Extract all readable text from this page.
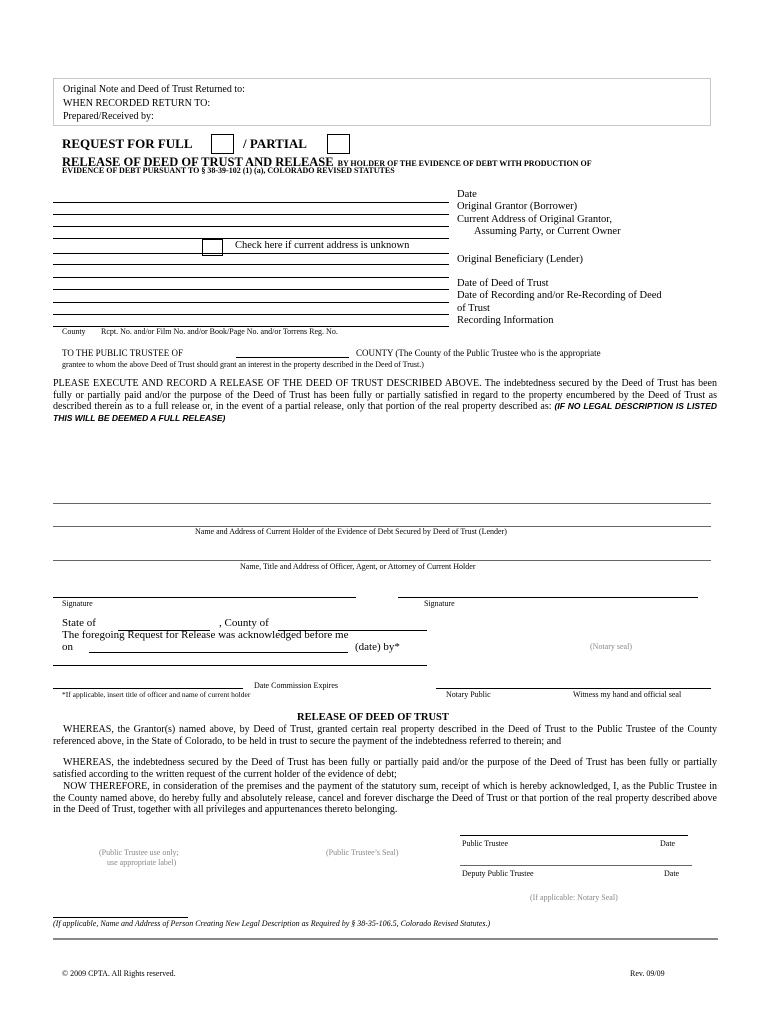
Original Note and Deed of Trust Returned to:
WHEN RECORDED RETURN TO:
Prepared/Received by:
REQUEST FOR FULL	/ PARTIAL
RELEASE OF DEED OF TRUST AND RELEASE BY HOLDER OF THE EVIDENCE OF DEBT WITH PRODUCTION OF
EVIDENCE OF DEBT PURSUANT TO § 38-39-102 (1) (a), COLORADO REVISED STATUTES
Check here if current address is unknown
Date
Original Grantor (Borrower)
Current Address of Original Grantor,
Assuming Party, or Current Owner
Original Beneficiary (Lender)
Date of Deed of Trust
Date of Recording and/or Re-Recording of Deed
of Trust
Recording Information
County Rcpt. No. and/or Film No. and/or Book/Page No. and/or Torrens Reg. No.
TO THE PUBLIC TRUSTEE OF	COUNTY (The County of the Public Trustee who is the appropriate
grantee to whom the above Deed of Trust should grant an interest in the property described in the Deed of Trust.)
PLEASE EXECUTE AND RECORD A RELEASE OF THE DEED OF TRUST DESCRIBED ABOVE. The indebtedness secured by the Deed of Trust has been fully or partially paid and/or the purpose of the Deed of Trust has been fully or partially satisfied in regard to the property encumbered by the Deed of Trust as described therein as to a full release or, in the event of a partial release, only that portion of the real property described as: (IF NO LEGAL DESCRIPTION IS LISTED THIS WILL BE DEEMED A FULL RELEASE)
Name and Address of Current Holder of the Evidence of Debt Secured by Deed of Trust (Lender)
Name, Title and Address of Officer, Agent, or Attorney of Current Holder
Signature	Signature
State of	, County of
The foregoing Request for Release was acknowledged before me
on	(date) by*	(Notary seal)
Date Commission Expires
*If applicable, insert title of officer and name of current holder	Notary Public	Witness my hand and official seal
RELEASE OF DEED OF TRUST
WHEREAS, the Grantor(s) named above, by Deed of Trust, granted certain real property described in the Deed of Trust to the Public Trustee of the County referenced above, in the State of Colorado, to be held in trust to secure the payment of the indebtedness referred to therein; and
WHEREAS, the indebtedness secured by the Deed of Trust has been fully or partially paid and/or the purpose of the Deed of Trust has been fully or partially satisfied according to the written request of the current holder of the evidence of debt;
NOW THEREFORE, in consideration of the premises and the payment of the statutory sum, receipt of which is hereby acknowledged, I, as the Public Trustee in the County named above, do hereby fully and absolutely release, cancel and forever discharge the Deed of Trust or that portion of the real property described above in the Deed of Trust, together with all privileges and appurtenances thereto belonging.
Public Trustee	Date
(Public Trustee use only;
use appropriate label)
(Public Trustee’s Seal)
Deputy Public Trustee	Date
(If applicable: Notary Seal)
(If applicable, Name and Address of Person Creating New Legal Description as Required by § 38-35-106.5, Colorado Revised Statutes.)
© 2009 CPTA. All Rights reserved.	Rev. 09/09
